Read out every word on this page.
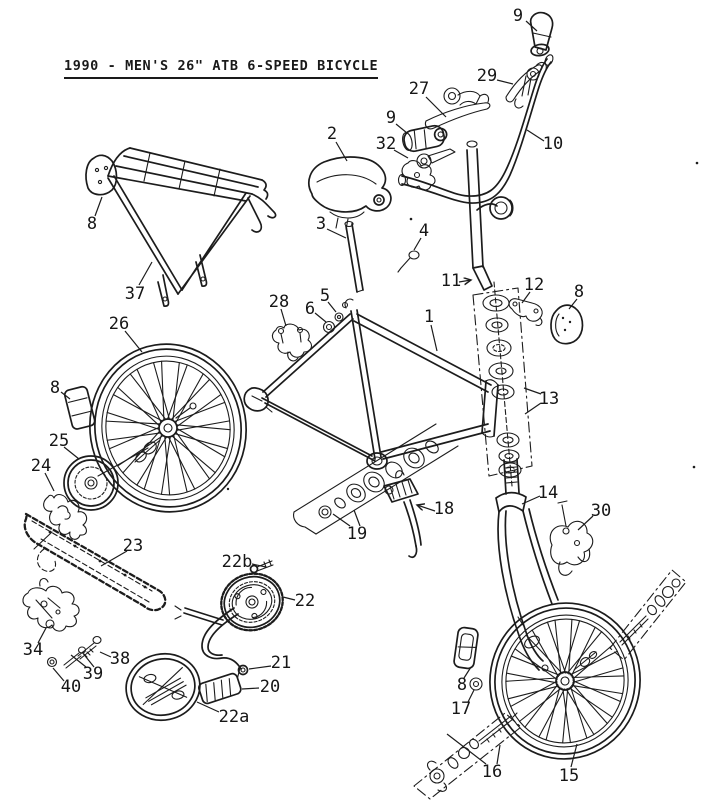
1990 - MEN'S 26" ATB 6-SPEED BICYCLE
9
29
27
9
10
32
2
3	4
11	12 8
5
6
28
1
13
8
37
26
8
25
24
23
34	38
39
40
22b
22
21
20
22a
19
18
14
30
8
17
16	15
